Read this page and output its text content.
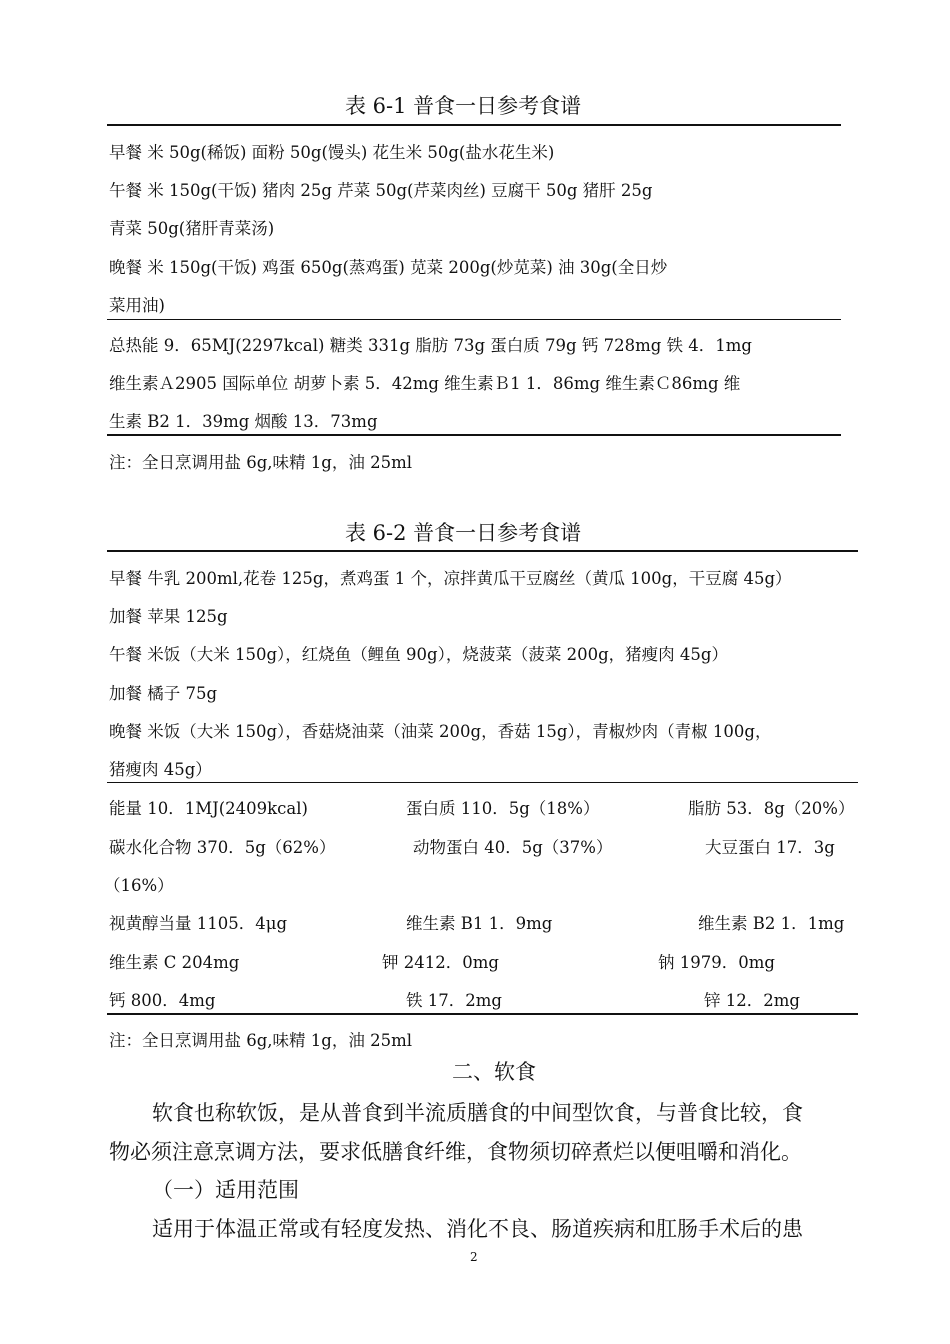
表 6-1 普食一日参考食谱
早餐 米 50g(稀饭) 面粉 50g(馒头) 花生米 50g(盐水花生米)
午餐 米 150g(干饭) 猪肉 25g 芹菜 50g(芹菜肉丝) 豆腐干 50g 猪肝 25g
青菜 50g(猪肝青菜汤)
晚餐 米 150g(干饭) 鸡蛋 650g(蒸鸡蛋) 苋菜 200g(炒苋菜) 油 30g(全日炒
菜用油)
总热能 9．65MJ(2297kcal) 糖类 331g 脂肪 73g 蛋白质 79g 钙 728mg 铁 4．1mg
维生素Ａ2905 国际单位 胡萝卜素 5．42mg 维生素Ｂ1 1．86mg 维生素Ｃ86mg 维
生素 B2 1．39mg 烟酸 13．73mg
注：全日烹调用盐 6g,味精 1g，油 25ml
表 6-2 普食一日参考食谱
早餐 牛乳 200ml,花卷 125g，煮鸡蛋 1 个，凉拌黄瓜干豆腐丝（黄瓜 100g，干豆腐 45g）
加餐 苹果 125g
午餐 米饭（大米 150g），红烧鱼（鲤鱼 90g），烧菠菜（菠菜 200g，猪瘦肉 45g）
加餐 橘子 75g
晚餐 米饭（大米 150g），香菇烧油菜（油菜 200g，香菇 15g），青椒炒肉（青椒 100g，
猪瘦肉 45g）
能量 10．1MJ(2409kcal)	蛋白质 110．5g（18%）	脂肪 53．8g（20%）
碳水化合物 370．5g（62%）	动物蛋白 40．5g（37%）	大豆蛋白 17．3g
（16%）
视黄醇当量 1105．4μg	维生素 B1 1．9mg	维生素 B2 1．1mg
维生素 C 204mg	钾 2412．0mg	钠 1979．0mg
钙 800．4mg	铁 17．2mg	锌 12．2mg
注：全日烹调用盐 6g,味精 1g，油 25ml
二、软食
软食也称软饭，是从普食到半流质膳食的中间型饮食，与普食比较，食
物必须注意烹调方法，要求低膳食纤维，食物须切碎煮烂以便咀嚼和消化。
（一）适用范围
适用于体温正常或有轻度发热、消化不良、肠道疾病和肛肠手术后的患
2
